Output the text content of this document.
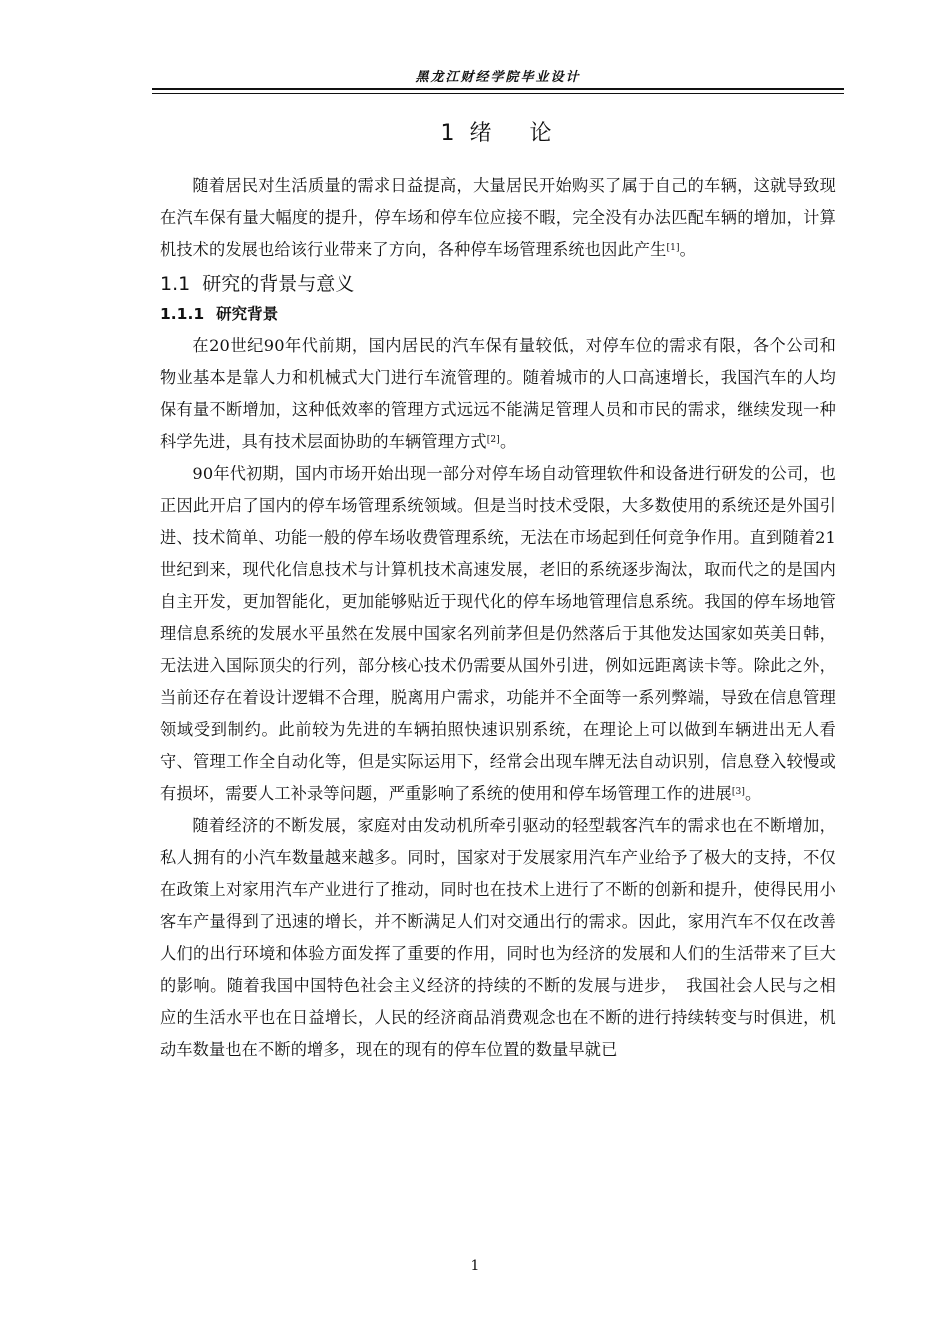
黑龙江财经学院毕业设计
1 绪 论

随着居民对生活质量的需求日益提高，大量居民开始购买了属于自己的车辆，这就导致现在汽车保有量大幅度的提升，停车场和停车位应接不暇，完全没有办法匹配车辆的增加，计算机技术的发展也给该行业带来了方向，各种停车场管理系统也因此产生[1]。

1.1 研究的背景与意义
1.1.1 研究背景

在20世纪90年代前期，国内居民的汽车保有量较低，对停车位的需求有限，各个公司和物业基本是靠人力和机械式大门进行车流管理的。随着城市的人口高速增长，我国汽车的人均保有量不断增加，这种低效率的管理方式远远不能满足管理人员和市民的需求，继续发现一种科学先进，具有技术层面协助的车辆管理方式[2]。

90年代初期，国内市场开始出现一部分对停车场自动管理软件和设备进行研发的公司，也正因此开启了国内的停车场管理系统领域。但是当时技术受限，大多数使用的系统还是外国引进、技术简单、功能一般的停车场收费管理系统，无法在市场起到任何竞争作用。直到随着21世纪到来，现代化信息技术与计算机技术高速发展，老旧的系统逐步淘汰，取而代之的是国内自主开发，更加智能化，更加能够贴近于现代化的停车场地管理信息系统。我国的停车场地管理信息系统的发展水平虽然在发展中国家名列前茅但是仍然落后于其他发达国家如英美日韩，无法进入国际顶尖的行列，部分核心技术仍需要从国外引进，例如远距离读卡等。除此之外，当前还存在着设计逻辑不合理，脱离用户需求，功能并不全面等一系列弊端，导致在信息管理领域受到制约。此前较为先进的车辆拍照快速识别系统，在理论上可以做到车辆进出无人看守、管理工作全自动化等，但是实际运用下，经常会出现车牌无法自动识别，信息登入较慢或有损坏，需要人工补录等问题，严重影响了系统的使用和停车场管理工作的进展[3]。

随着经济的不断发展，家庭对由发动机所牵引驱动的轻型载客汽车的需求也在不断增加，私人拥有的小汽车数量越来越多。同时，国家对于发展家用汽车产业给予了极大的支持，不仅在政策上对家用汽车产业进行了推动，同时也在技术上进行了不断的创新和提升，使得民用小客车产量得到了迅速的增长，并不断满足人们对交通出行的需求。因此，家用汽车不仅在改善人们的出行环境和体验方面发挥了重要的作用，同时也为经济的发展和人们的生活带来了巨大的影响。随着我国中国特色社会主义经济的持续的不断的发展与进步，　我国社会人民与之相应的生活水平也在日益增长，人民的经济商品消费观念也在不断的进行持续转变与时俱进，机动车数量也在不断的增多，现在的现有的停车位置的数量早就已

1
